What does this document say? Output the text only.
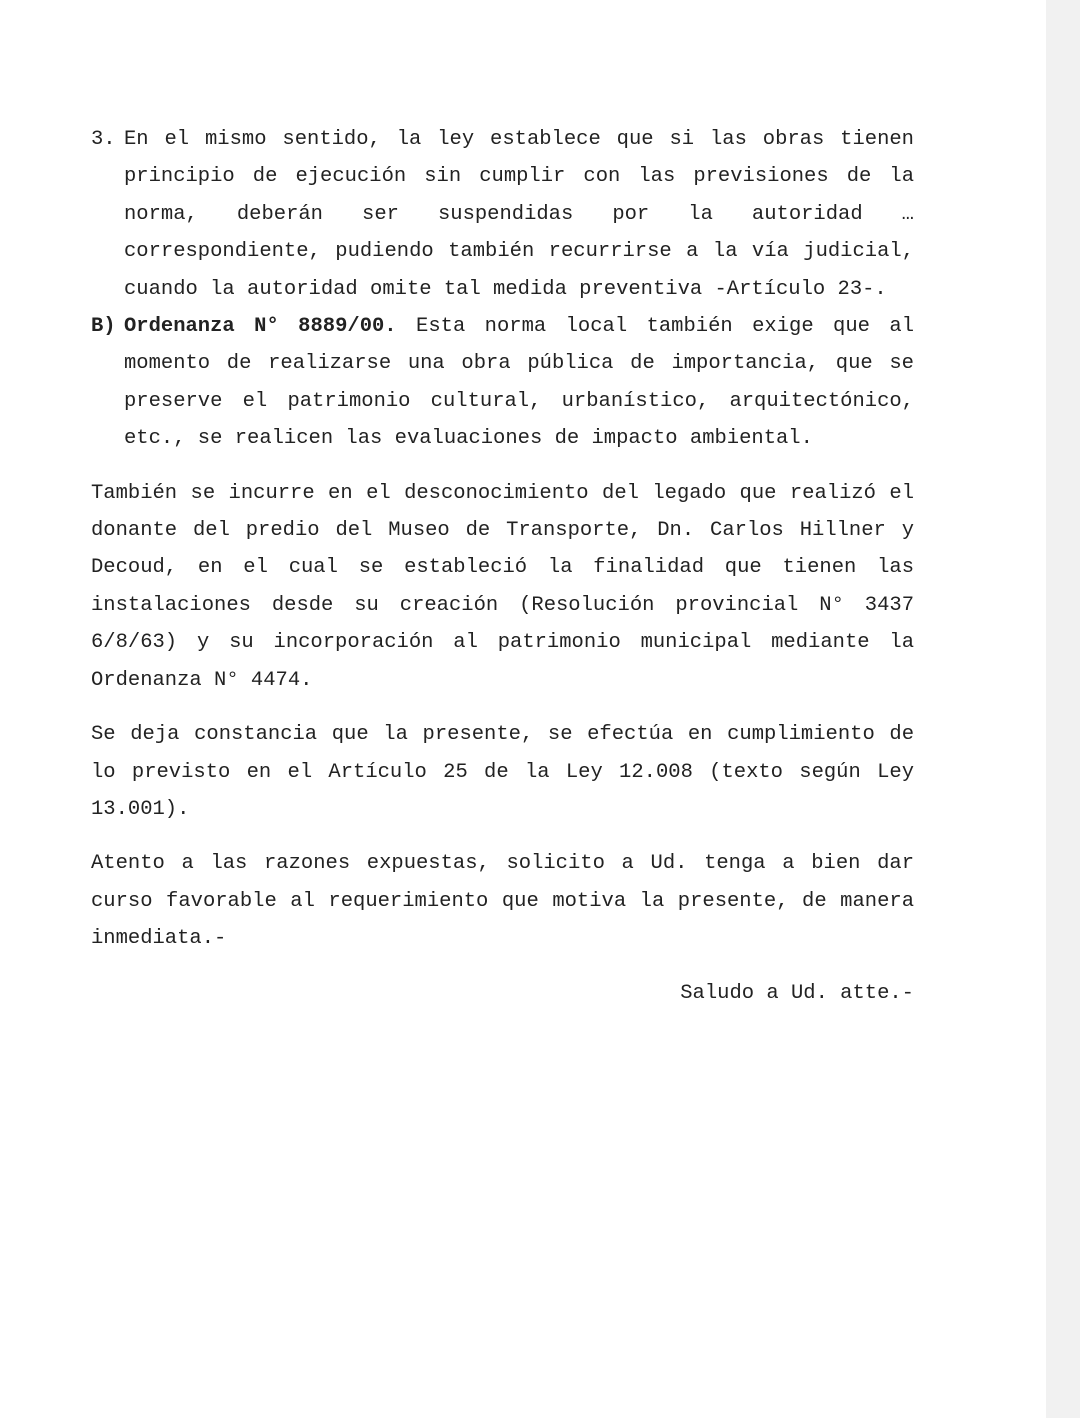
3. En el mismo sentido, la ley establece que si las obras tienen principio de ejecución sin cumplir con las previsiones de la norma, deberán ser suspendidas por la autoridad … correspondiente, pudiendo también recurrirse a la vía judicial, cuando la autoridad omite tal medida preventiva -Artículo 23-.

B) Ordenanza N° 8889/00. Esta norma local también exige que al momento de realizarse una obra pública de importancia, que se preserve el patrimonio cultural, urbanístico, arquitectónico, etc., se realicen las evaluaciones de impacto ambiental.

También se incurre en el desconocimiento del legado que realizó el donante del predio del Museo de Transporte, Dn. Carlos Hillner y Decoud, en el cual se estableció la finalidad que tienen las instalaciones desde su creación (Resolución provincial N° 3437 6/8/63) y su incorporación al patrimonio municipal mediante la Ordenanza N° 4474.

Se deja constancia que la presente, se efectúa en cumplimiento de lo previsto en el Artículo 25 de la Ley 12.008 (texto según Ley 13.001).

Atento a las razones expuestas, solicito a Ud. tenga a bien dar curso favorable al requerimiento que motiva la presente, de manera inmediata.-

Saludo a Ud. atte.-
